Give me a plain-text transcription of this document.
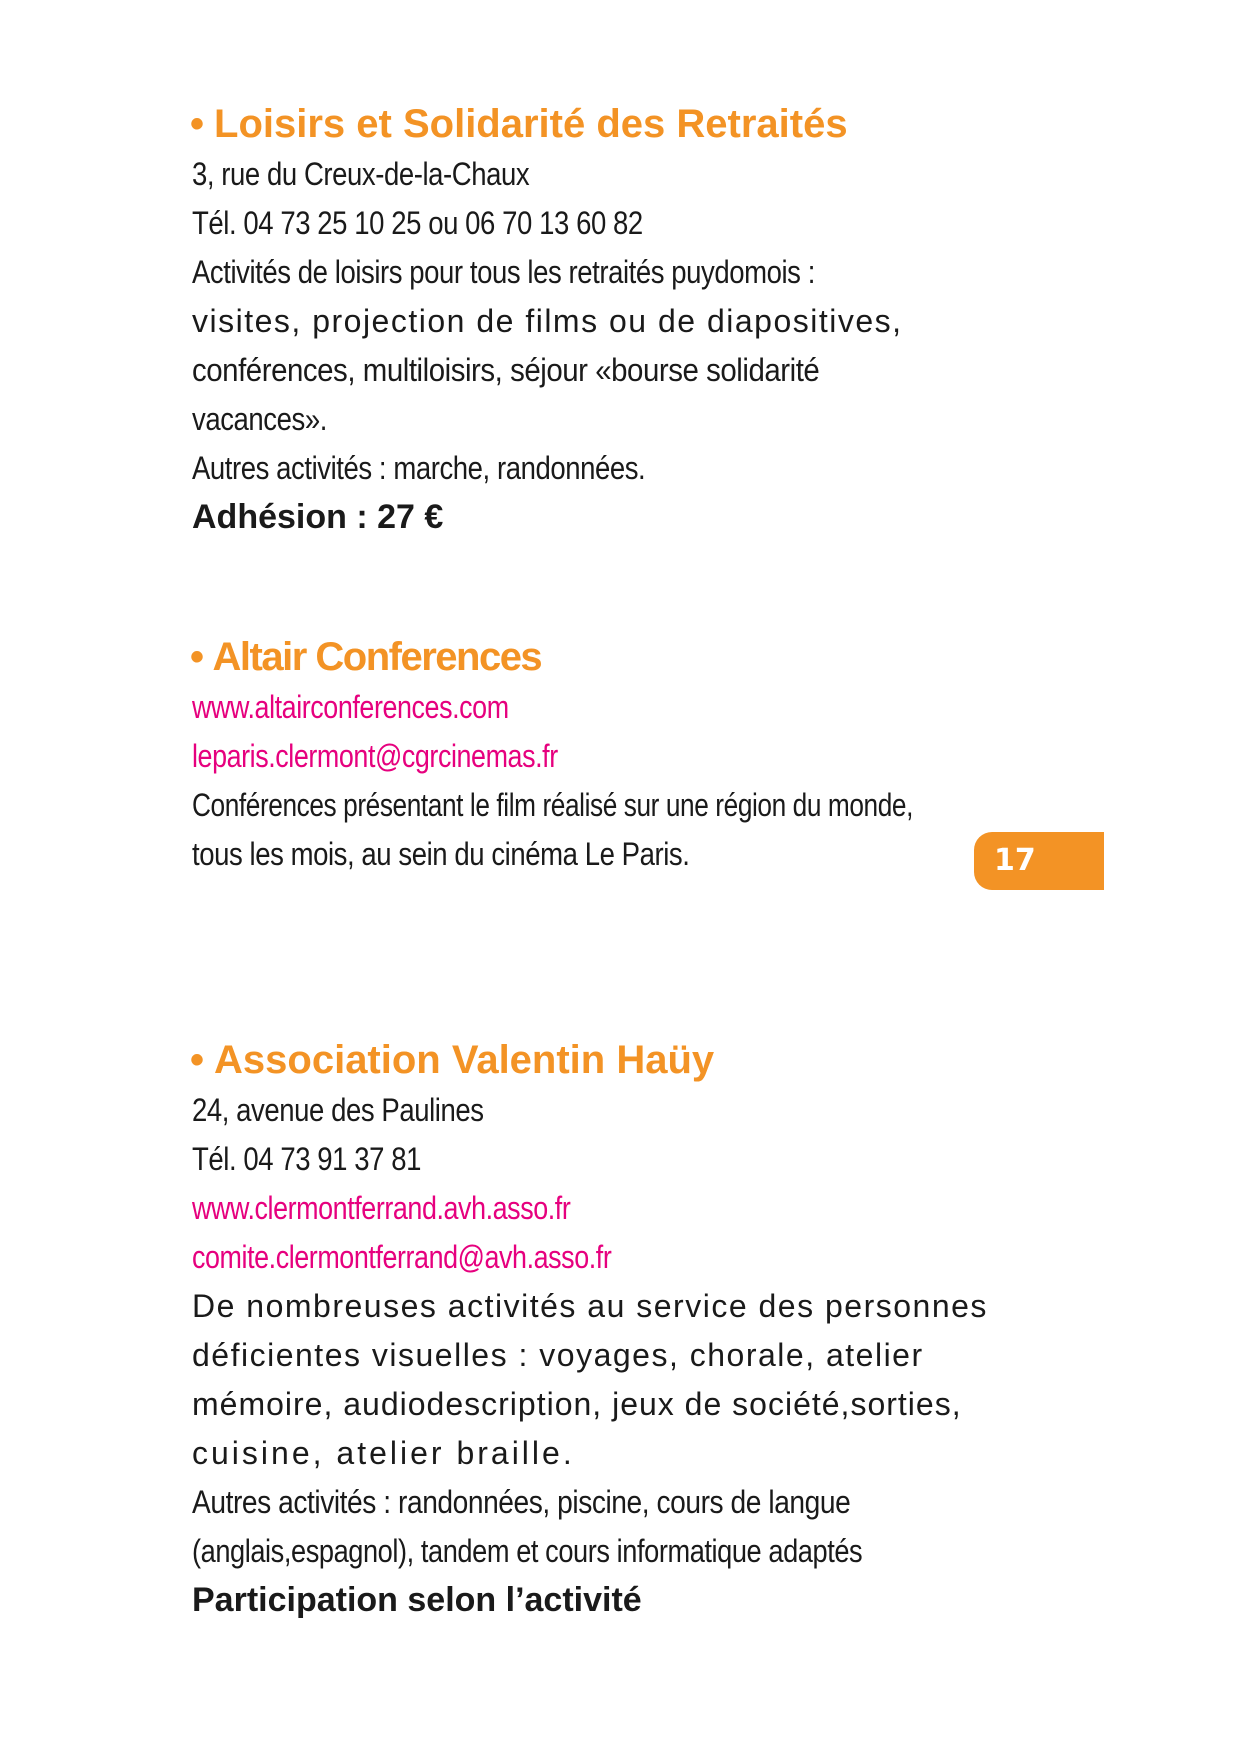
• Loisirs et Solidarité des Retraités
3, rue du Creux-de-la-Chaux
Tél. 04 73 25 10 25 ou 06 70 13 60 82
Activités de loisirs pour tous les retraités puydomois :
visites, projection de films ou de diapositives,
conférences, multiloisirs, séjour «bourse solidarité
vacances».
Autres activités : marche, randonnées.
Adhésion : 27 €
• Altair Conferences
www.altairconferences.com
leparis.clermont@cgrcinemas.fr
Conférences présentant le film réalisé sur une région du monde,
tous les mois, au sein du cinéma Le Paris.	17
• Association Valentin Haüy
24, avenue des Paulines
Tél. 04 73 91 37 81
www.clermontferrand.avh.asso.fr
comite.clermontferrand@avh.asso.fr
De nombreuses activités au service des personnes
déficientes visuelles : voyages, chorale, atelier
mémoire, audiodescription, jeux de société,sorties,
cuisine, atelier braille.
Autres activités : randonnées, piscine, cours de langue
(anglais,espagnol), tandem et cours informatique adaptés
Participation selon l’activité
